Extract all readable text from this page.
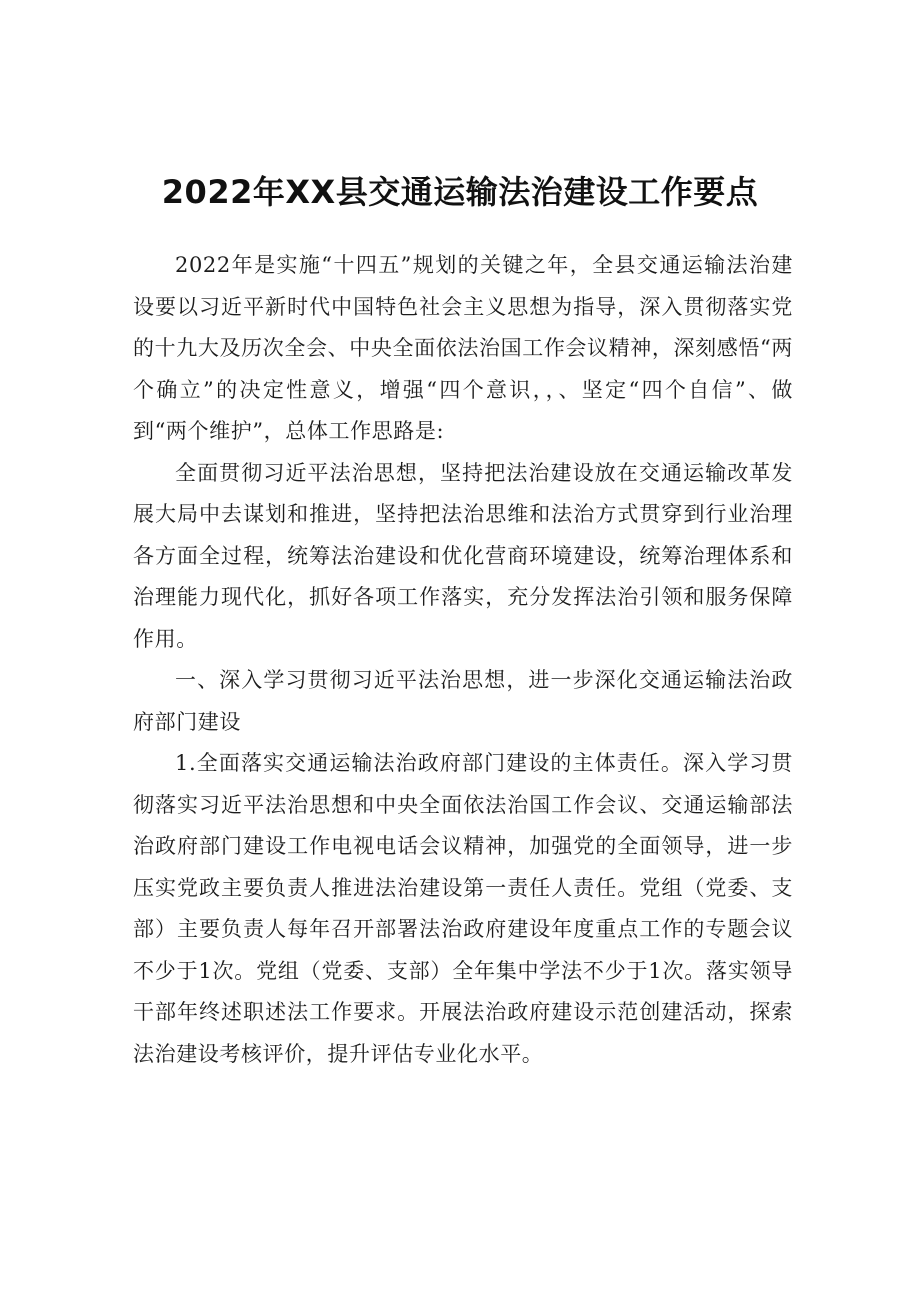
2022年XX县交通运输法治建设工作要点

2022年是实施“十四五”规划的关键之年，全县交通运输法治建设要以习近平新时代中国特色社会主义思想为指导，深入贯彻落实党的十九大及历次全会、中央全面依法治国工作会议精神，深刻感悟“两个确立”的决定性意义，增强“四个意识，，、坚定“四个自信”、做到“两个维护”，总体工作思路是:

全面贯彻习近平法治思想，坚持把法治建设放在交通运输改革发展大局中去谋划和推进，坚持把法治思维和法治方式贯穿到行业治理各方面全过程，统筹法治建设和优化营商环境建设，统筹治理体系和治理能力现代化，抓好各项工作落实，充分发挥法治引领和服务保障作用。

一、深入学习贯彻习近平法治思想，进一步深化交通运输法治政府部门建设

1.全面落实交通运输法治政府部门建设的主体责任。深入学习贯彻落实习近平法治思想和中央全面依法治国工作会议、交通运输部法治政府部门建设工作电视电话会议精神，加强党的全面领导，进一步压实党政主要负责人推进法治建设第一责任人责任。党组（党委、支部）主要负责人每年召开部署法治政府建设年度重点工作的专题会议不少于1次。党组（党委、支部）全年集中学法不少于1次。落实领导干部年终述职述法工作要求。开展法治政府建设示范创建活动，探索法治建设考核评价，提升评估专业化水平。
